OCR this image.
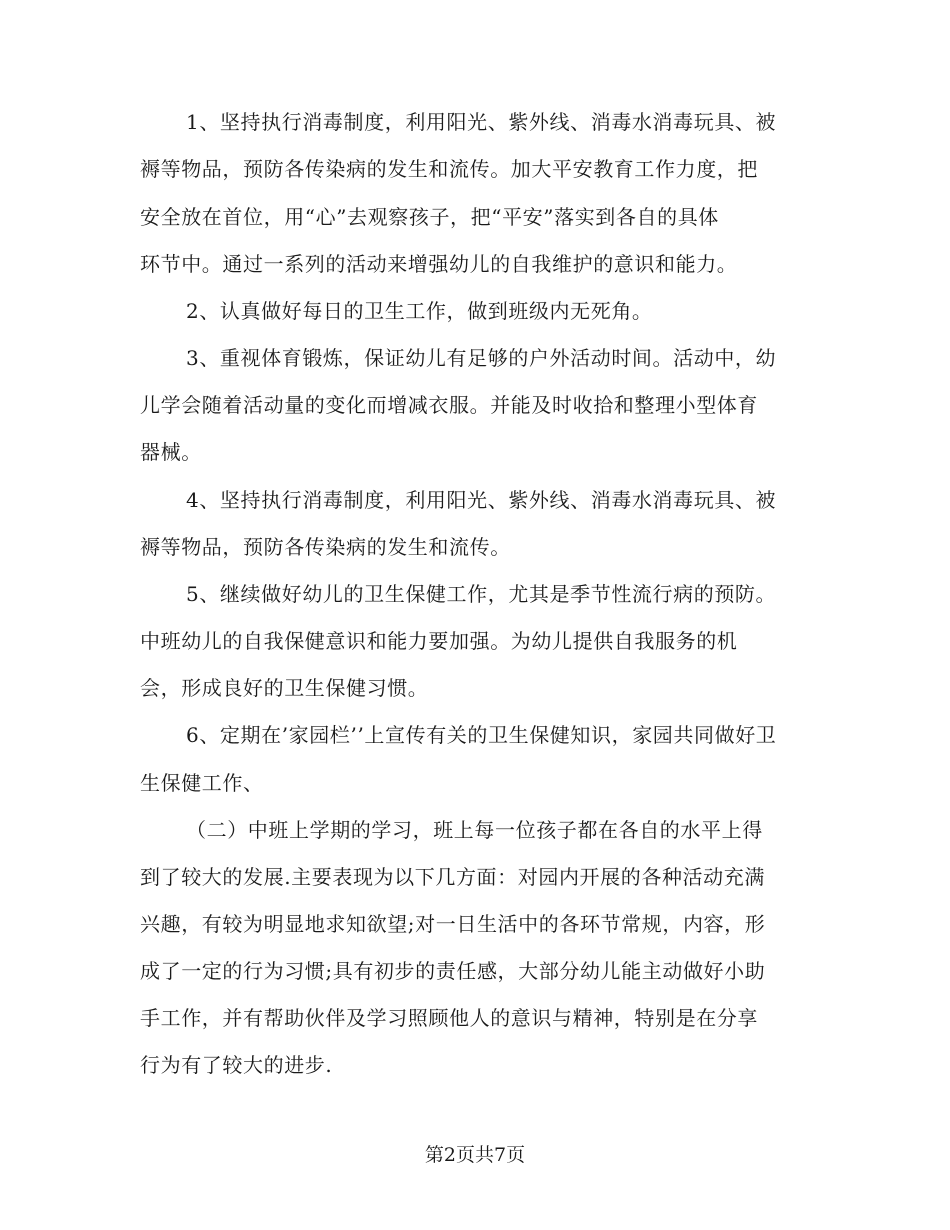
1、坚持执行消毒制度，利用阳光、紫外线、消毒水消毒玩具、被
褥等物品，预防各传染病的发生和流传。加大平安教育工作力度，把
安全放在首位，用“心”去观察孩子，把“平安”落实到各自的具体
环节中。通过一系列的活动来增强幼儿的自我维护的意识和能力。
2、认真做好每日的卫生工作，做到班级内无死角。
3、重视体育锻炼，保证幼儿有足够的户外活动时间。活动中，幼
儿学会随着活动量的变化而增减衣服。并能及时收拾和整理小型体育
器械。
4、坚持执行消毒制度，利用阳光、紫外线、消毒水消毒玩具、被
褥等物品，预防各传染病的发生和流传。
5、继续做好幼儿的卫生保健工作，尤其是季节性流行病的预防。
中班幼儿的自我保健意识和能力要加强。为幼儿提供自我服务的机
会，形成良好的卫生保健习惯。
6、定期在’家园栏’’上宣传有关的卫生保健知识，家园共同做好卫
生保健工作、
（二）中班上学期的学习，班上每一位孩子都在各自的水平上得
到了较大的发展.主要表现为以下几方面：对园内开展的各种活动充满
兴趣，有较为明显地求知欲望;对一日生活中的各环节常规，内容，形
成了一定的行为习惯;具有初步的责任感，大部分幼儿能主动做好小助
手工作，并有帮助伙伴及学习照顾他人的意识与精神，特别是在分享
行为有了较大的进步.
第2页共7页
